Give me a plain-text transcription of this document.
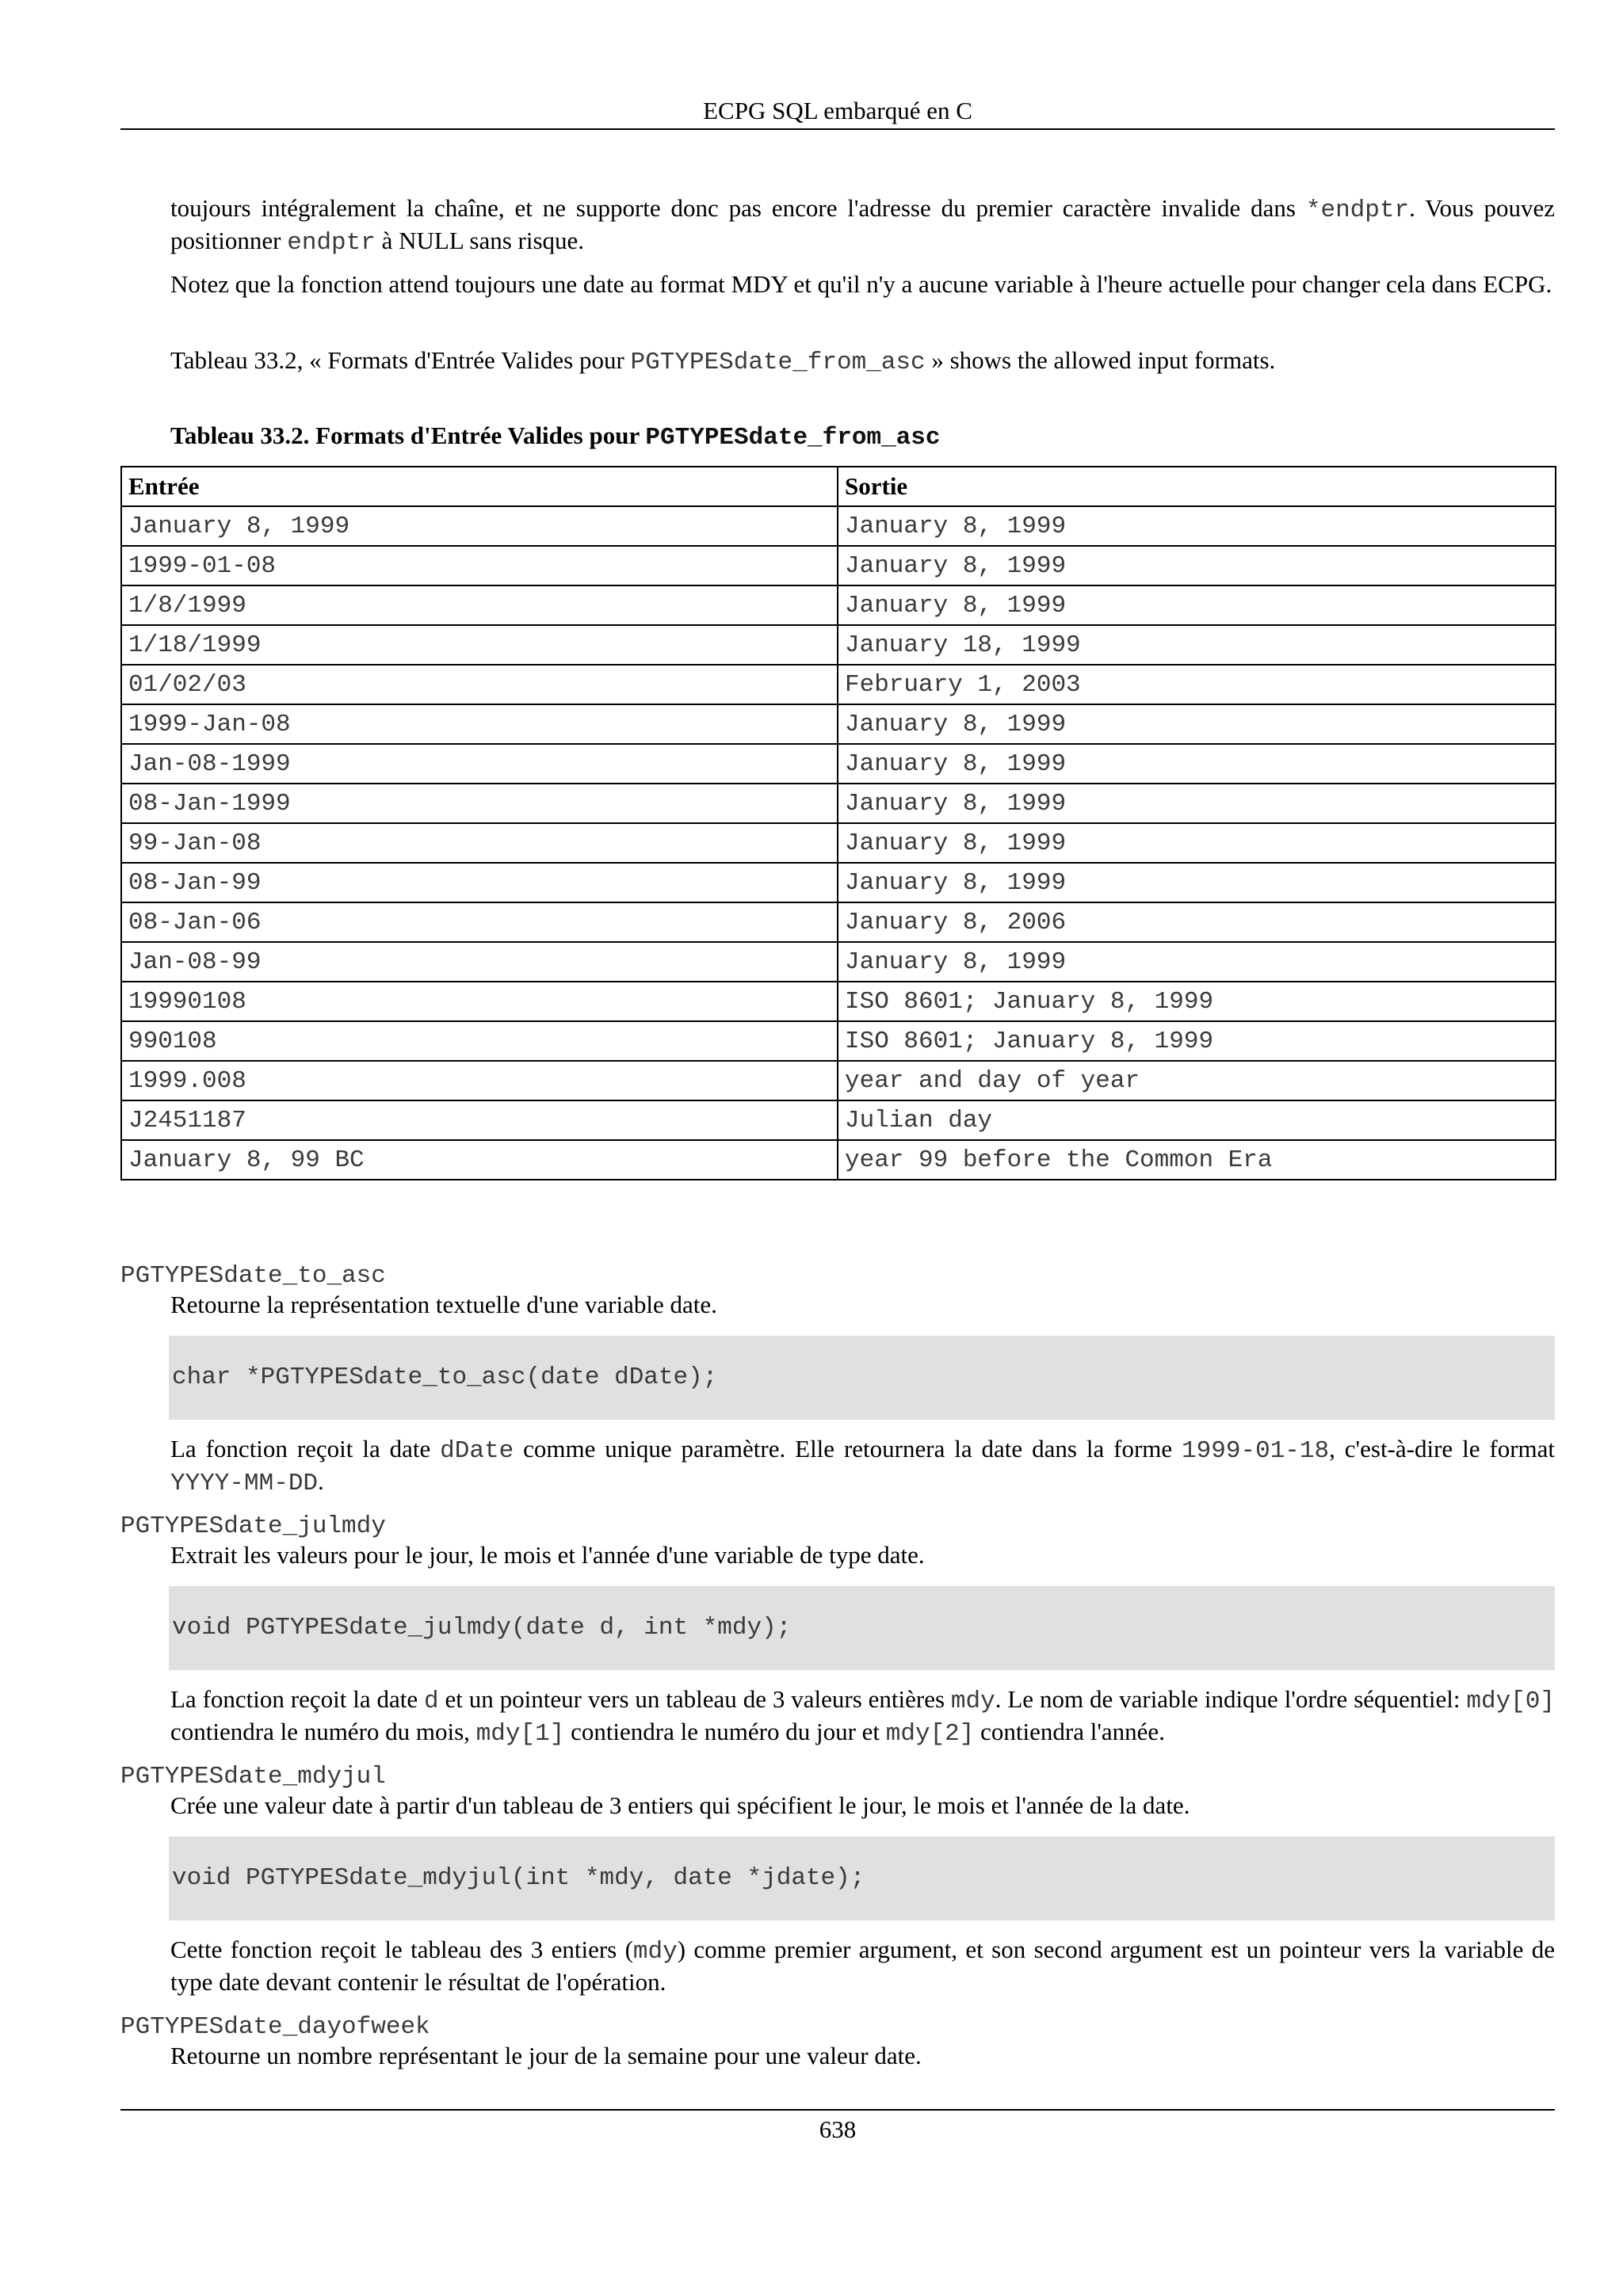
ECPG SQL embarqué en C
toujours intégralement la chaîne, et ne supporte donc pas encore l'adresse du premier caractère invalide dans *endptr. Vous pouvez positionner endptr à NULL sans risque.
Notez que la fonction attend toujours une date au format MDY et qu'il n'y a aucune variable à l'heure actuelle pour changer cela dans ECPG.
Tableau 33.2, « Formats d'Entrée Valides pour PGTYPESdate_from_asc » shows the allowed input formats.
Tableau 33.2. Formats d'Entrée Valides pour PGTYPESdate_from_asc
Entrée	Sortie
January 8, 1999	January 8, 1999
1999-01-08	January 8, 1999
1/8/1999	January 8, 1999
1/18/1999	January 18, 1999
01/02/03	February 1, 2003
1999-Jan-08	January 8, 1999
Jan-08-1999	January 8, 1999
08-Jan-1999	January 8, 1999
99-Jan-08	January 8, 1999
08-Jan-99	January 8, 1999
08-Jan-06	January 8, 2006
Jan-08-99	January 8, 1999
19990108	ISO 8601; January 8, 1999
990108	ISO 8601; January 8, 1999
1999.008	year and day of year
J2451187	Julian day
January 8, 99 BC	year 99 before the Common Era
PGTYPESdate_to_asc
Retourne la représentation textuelle d'une variable date.
char *PGTYPESdate_to_asc(date dDate);
La fonction reçoit la date dDate comme unique paramètre. Elle retournera la date dans la forme 1999-01-18, c'est-à-dire le format YYYY-MM-DD.
PGTYPESdate_julmdy
Extrait les valeurs pour le jour, le mois et l'année d'une variable de type date.
void PGTYPESdate_julmdy(date d, int *mdy);
La fonction reçoit la date d et un pointeur vers un tableau de 3 valeurs entières mdy. Le nom de variable indique l'ordre séquentiel: mdy[0] contiendra le numéro du mois, mdy[1] contiendra le numéro du jour et mdy[2] contiendra l'année.
PGTYPESdate_mdyjul
Crée une valeur date à partir d'un tableau de 3 entiers qui spécifient le jour, le mois et l'année de la date.
void PGTYPESdate_mdyjul(int *mdy, date *jdate);
Cette fonction reçoit le tableau des 3 entiers (mdy) comme premier argument, et son second argument est un pointeur vers la variable de type date devant contenir le résultat de l'opération.
PGTYPESdate_dayofweek
Retourne un nombre représentant le jour de la semaine pour une valeur date.
638
